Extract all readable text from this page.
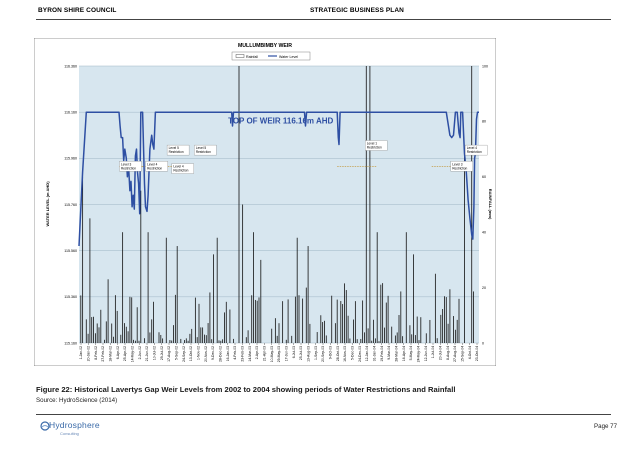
BYRON SHIRE COUNCIL	STRATEGIC BUSINESS PLAN
MULLUMBIMBY WEIR
Rainfall	Water Level
TOP OF WEIR 116.16m AHD
Level 3
Restriction
Level 4
Restriction
Level 5
Restriction
Level 5
Restriction
Level 4
Restriction
Level 1
Restriction
Level 3
Restriction
Level 4
Restriction
116.360
116.160
115.960
115.760
115.560
115.360
115.160
100
80
60
40
20
0
1-Jan-02 20-Jan-02 8-Feb-02 27-Feb-02 18-Mar-02 6-Apr-02 25-Apr-02 14-May-02 2-Jun-02 21-Jun-02 10-Jul-02 29-Jul-02 17-Aug-02 5-Sep-02 24-Sep-02 13-Oct-02 1-Nov-02 20-Nov-02 9-Dec-02 28-Dec-02 16-Jan-03 4-Feb-03 23-Feb-03 14-Mar-03 2-Apr-03 21-Apr-03 10-May-03 29-May-03 17-Jun-03 6-Jul-03 25-Jul-03 13-Aug-03 1-Sep-03 20-Sep-03 9-Oct-03 28-Oct-03 16-Nov-03 5-Dec-03 24-Dec-03 12-Jan-04 31-Jan-04 19-Feb-04 9-Mar-04 28-Mar-04 16-Apr-04 5-May-04 24-May-04 12-Jun-04 1-Jul-04 20-Jul-04 8-Aug-04 27-Aug-04 15-Sep-04 4-Oct-04 23-Oct-04
WATER LEVEL (m AHD)	RAINFALL (mm)
Figure 22: Historical Lavertys Gap Weir Levels from 2002 to 2004 showing periods of Water Restrictions and Rainfall
Source: HydroScience (2014)
Hydrosphere
Consulting
Page 77
